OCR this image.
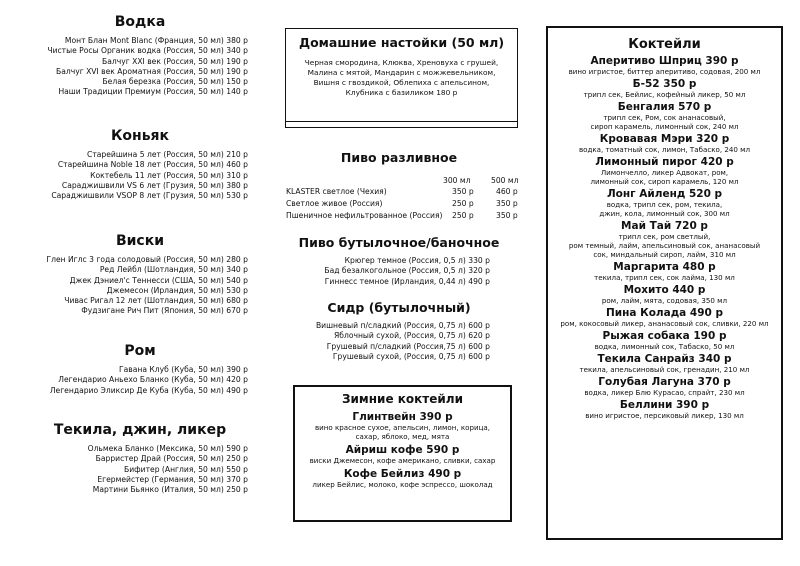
Водка
Монт Блан Mont Blanc (Франция, 50 мл) 380 р
Чистые Росы Органик водка (Россия, 50 мл) 340 р
Балчуг XXI век (Россия, 50 мл) 190 р
Балчуг XVI век Ароматная (Россия, 50 мл) 190 р
Белая березка (Россия, 50 мл) 150 р
Наши Традиции Премиум (Россия, 50 мл) 140 р
Коньяк
Старейшина 5 лет (Россия, 50 мл) 210 р
Старейшина Noble 18 лет (Россия, 50 мл) 460 р
Коктебель 11 лет (Россия, 50 мл) 310 р
Сараджишвили VS 6 лет (Грузия, 50 мл) 380 р
Сараджишвили VSOP 8 лет (Грузия, 50 мл) 530 р
Виски
Глен Иглс 3 года солодовый (Россия, 50 мл) 280 р
Ред Лейбл (Шотландия, 50 мл) 340 р
Джек Дэниел'с Теннесси (США, 50 мл) 540 р
Джемесон (Ирландия, 50 мл) 530 р
Чивас Ригал 12 лет (Шотландия, 50 мл) 680 р
Фудзигане Рич Пит (Япония, 50 мл) 670 р
Ром
Гавана Клуб (Куба, 50 мл) 390 р
Легендарио Аньехо Бланко (Куба, 50 мл) 420 р
Легендарио Эликсир Де Куба (Куба, 50 мл) 490 р
Текила, джин, ликер
Ольмека Бланко (Мексика, 50 мл) 590 р
Барристер Драй (Россия, 50 мл) 250 р
Бифитер (Англия, 50 мл) 550 р
Егермейстер (Германия, 50 мл) 370 р
Мартини Бьянко (Италия, 50 мл) 250 р
Домашние настойки (50 мл)
Черная смородина, Клюква, Хреновуха с грушей,
Малина с мятой, Мандарин с можжевельником,
Вишня с гвоздикой, Облепиха с апельсином,
Клубника с базиликом 180 р
Пиво разливное
300 мл	500 мл
KLASTER светлое (Чехия)	350 р	460 р
Светлое живое (Россия)	250 р	350 р
Пшеничное нефильтрованное (Россия) 250 р	350 р
Пиво бутылочное/баночное
Крюгер темное (Россия, 0,5 л) 330 р
Бад безалкогольное (Россия, 0,5 л) 320 р
Гиннесс темное (Ирландия, 0,44 л) 490 р
Сидр (бутылочный)
Вишневый п/сладкий (Россия, 0,75 л) 600 р
Яблочный сухой, (Россия, 0,75 л) 620 р
Грушевый п/сладкий (Россия,75 л) 600 р
Грушевый сухой, (Россия, 0,75 л) 600 р
Зимние коктейли
Глинтвейн 390 р
вино красное сухое, апельсин, лимон, корица,
сахар, яблоко, мед, мята
Айриш кофе 590 р
виски Джемесон, кофе американо, сливки, сахар
Кофе Бейлиз 490 р
ликер Бейлис, молоко, кофе эспрессо, шоколад
Коктейли
Аперитиво Шприц 390 р
вино игристое, биттер аперитиво, содовая, 200 мл
Б-52 350 р
трипл сек, Бейлис, кофейный ликер, 50 мл
Бенгалия 570 р
трипл сек, Ром, сок ананасовый,
сироп карамель, лимонный сок, 240 мл
Кровавая Мэри 320 р
водка, томатный сок, лимон, Табаско, 240 мл
Лимонный пирог 420 р
Лимончелло, ликер Адвокат, ром,
лимонный сок, сироп карамель, 120 мл
Лонг Айленд 520 р
водка, трипл сек, ром, текила,
джин, кола, лимонный сок, 300 мл
Май Тай 720 р
трипл сек, ром светлый,
ром темный, лайм, апельсиновый сок, ананасовый
сок, миндальный сироп, лайм, 310 мл
Маргарита 480 р
текила, трипл сек, сок лайма, 130 мл
Мохито 440 р
ром, лайм, мята, содовая, 350 мл
Пина Колада 490 р
ром, кокосовый ликер, ананасовый сок, сливки, 220 мл
Рыжая собака 190 р
водка, лимонный сок, Табаско, 50 мл
Текила Санрайз 340 р
текила, апельсиновый сок, гренадин, 210 мл
Голубая Лагуна 370 р
водка, ликер Блю Курасао, спрайт, 230 мл
Беллини 390 р
вино игристое, персиковый ликер, 130 мл
